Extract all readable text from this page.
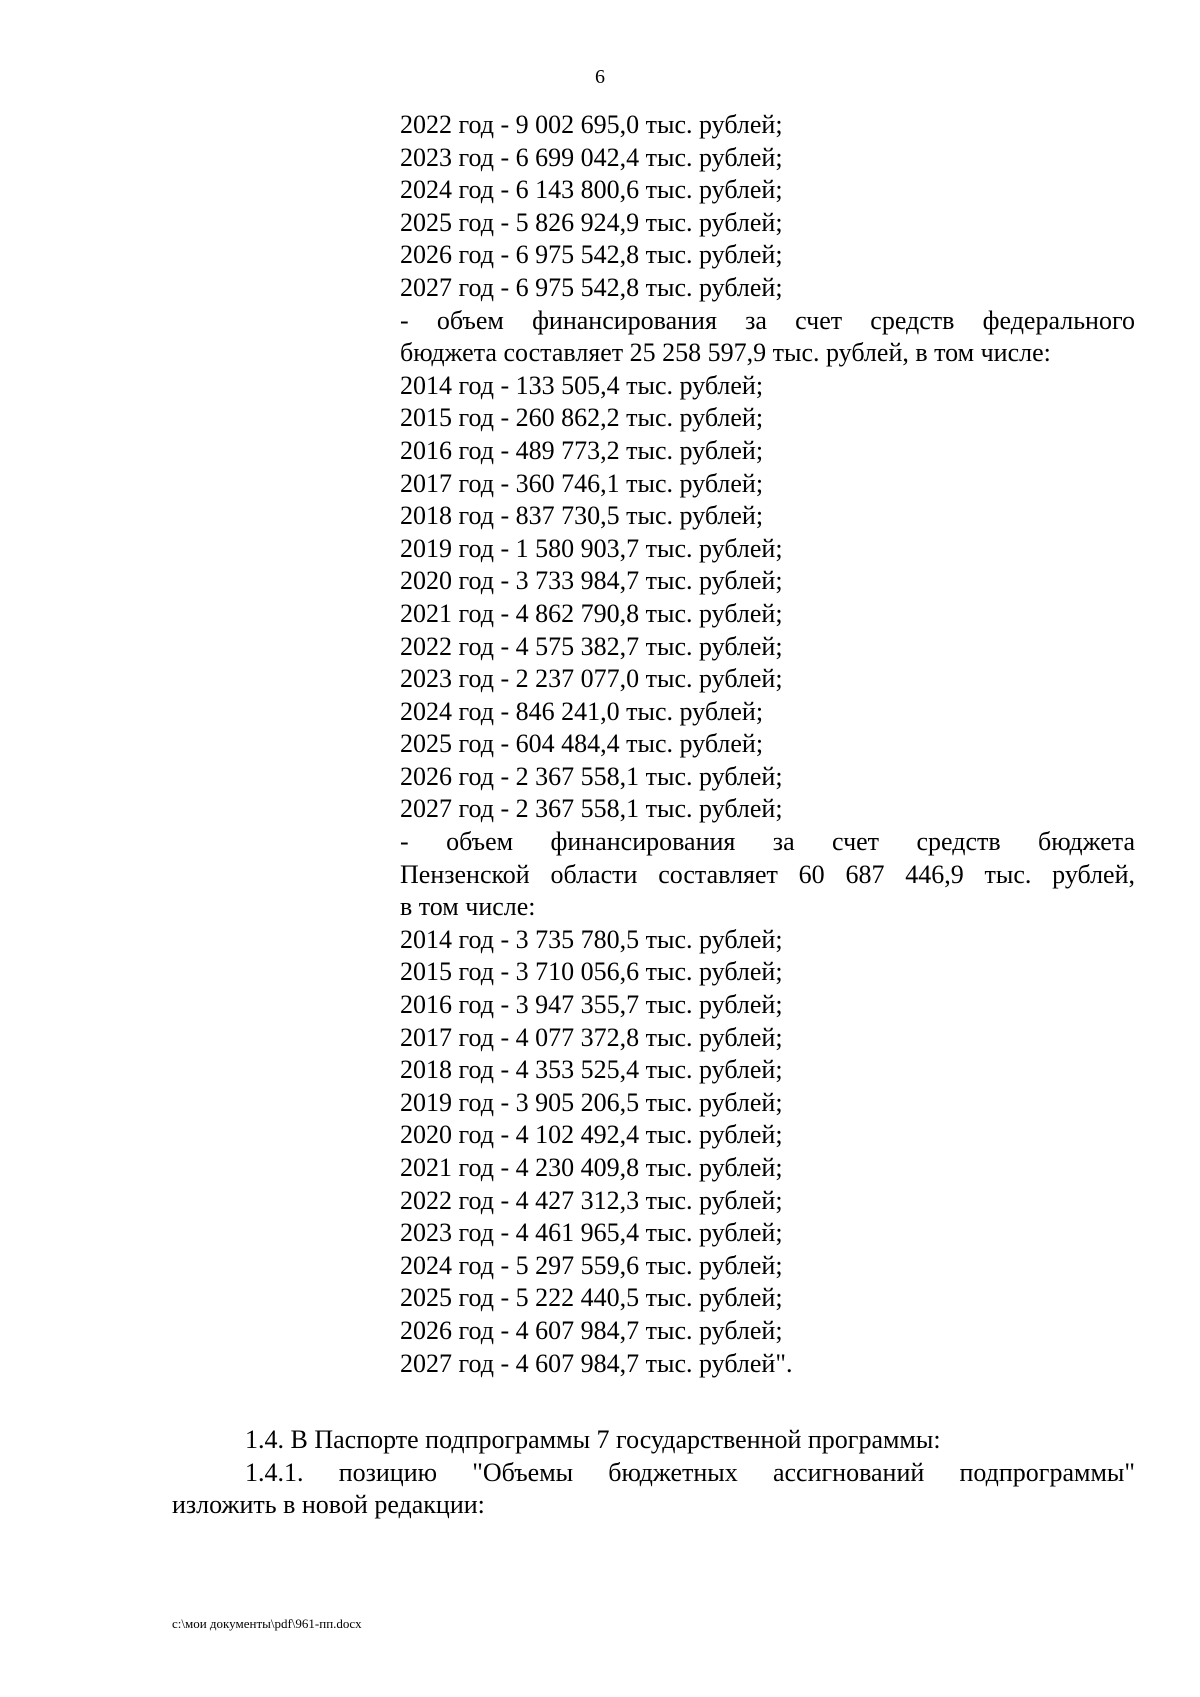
6
2022 год - 9 002 695,0 тыс. рублей;
2023 год - 6 699 042,4 тыс. рублей;
2024 год - 6 143 800,6 тыс. рублей;
2025 год - 5 826 924,9 тыс. рублей;
2026 год - 6 975 542,8 тыс. рублей;
2027 год - 6 975 542,8 тыс. рублей;
- объем финансирования за счет средств федерального
бюджета составляет 25 258 597,9 тыс. рублей, в том числе:
2014 год - 133 505,4 тыс. рублей;
2015 год - 260 862,2 тыс. рублей;
2016 год - 489 773,2 тыс. рублей;
2017 год - 360 746,1 тыс. рублей;
2018 год - 837 730,5 тыс. рублей;
2019 год - 1 580 903,7 тыс. рублей;
2020 год - 3 733 984,7 тыс. рублей;
2021 год - 4 862 790,8 тыс. рублей;
2022 год - 4 575 382,7 тыс. рублей;
2023 год - 2 237 077,0 тыс. рублей;
2024 год - 846 241,0 тыс. рублей;
2025 год - 604 484,4 тыс. рублей;
2026 год - 2 367 558,1 тыс. рублей;
2027 год - 2 367 558,1 тыс. рублей;
- объем финансирования за счет средств бюджета
Пензенской области составляет 60 687 446,9 тыс. рублей,
в том числе:
2014 год - 3 735 780,5 тыс. рублей;
2015 год - 3 710 056,6 тыс. рублей;
2016 год - 3 947 355,7 тыс. рублей;
2017 год - 4 077 372,8 тыс. рублей;
2018 год - 4 353 525,4 тыс. рублей;
2019 год - 3 905 206,5 тыс. рублей;
2020 год - 4 102 492,4 тыс. рублей;
2021 год - 4 230 409,8 тыс. рублей;
2022 год - 4 427 312,3 тыс. рублей;
2023 год - 4 461 965,4 тыс. рублей;
2024 год - 5 297 559,6 тыс. рублей;
2025 год - 5 222 440,5 тыс. рублей;
2026 год - 4 607 984,7 тыс. рублей;
2027 год - 4 607 984,7 тыс. рублей".
1.4. В Паспорте подпрограммы 7 государственной программы:
1.4.1. позицию "Объемы бюджетных ассигнований подпрограммы"
изложить в новой редакции:
c:\мои документы\pdf\961-пп.docx
